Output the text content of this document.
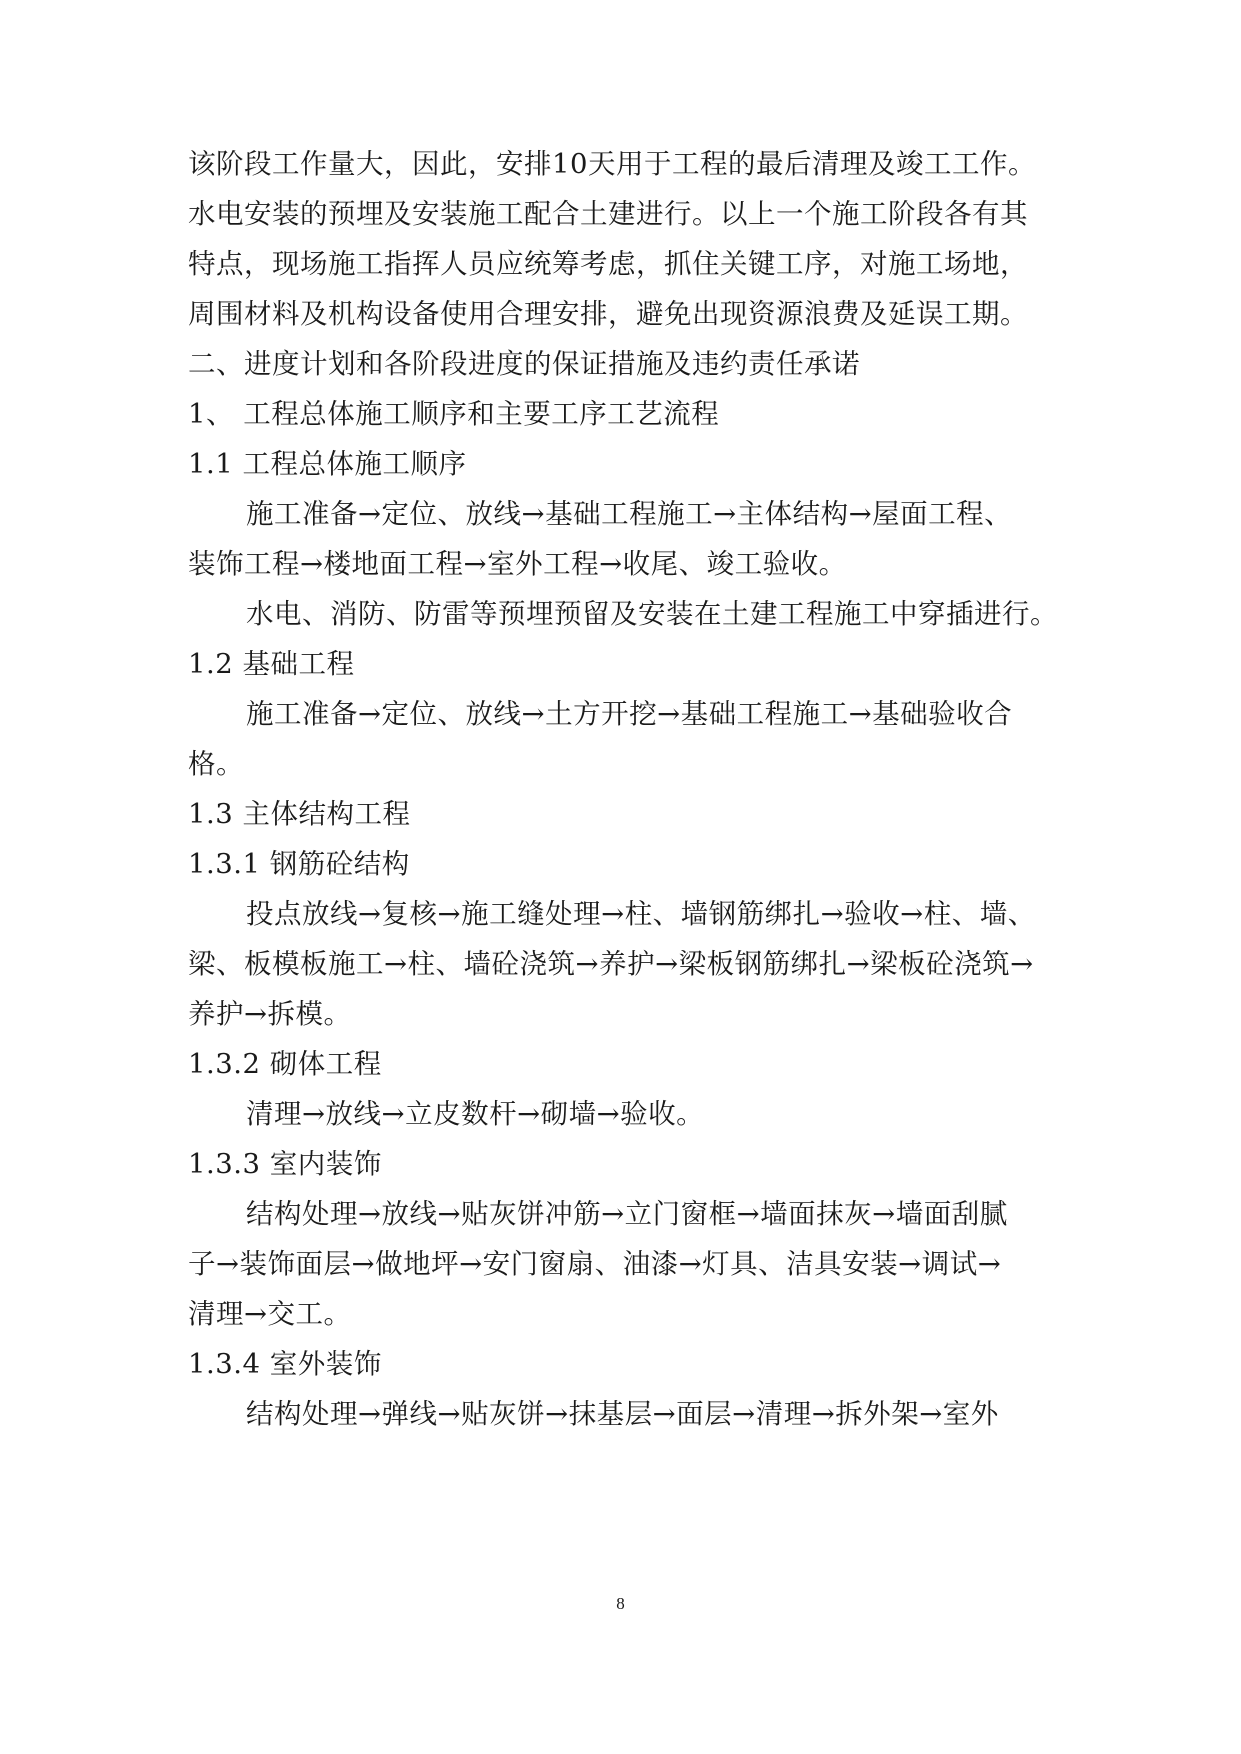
该阶段工作量大，因此，安排10天用于工程的最后清理及竣工工作。
水电安装的预埋及安装施工配合土建进行。以上一个施工阶段各有其
特点，现场施工指挥人员应统筹考虑，抓住关键工序，对施工场地，
周围材料及机构设备使用合理安排，避免出现资源浪费及延误工期。
二、进度计划和各阶段进度的保证措施及违约责任承诺
1、 工程总体施工顺序和主要工序工艺流程
1.1 工程总体施工顺序
施工准备→定位、放线→基础工程施工→主体结构→屋面工程、
装饰工程→楼地面工程→室外工程→收尾、竣工验收。
水电、消防、防雷等预埋预留及安装在土建工程施工中穿插进行。
1.2 基础工程
施工准备→定位、放线→土方开挖→基础工程施工→基础验收合
格。
1.3 主体结构工程
1.3.1 钢筋砼结构
投点放线→复核→施工缝处理→柱、墙钢筋绑扎→验收→柱、墙、
梁、板模板施工→柱、墙砼浇筑→养护→梁板钢筋绑扎→梁板砼浇筑→
养护→拆模。
1.3.2 砌体工程
清理→放线→立皮数杆→砌墙→验收。
1.3.3 室内装饰
结构处理→放线→贴灰饼冲筋→立门窗框→墙面抹灰→墙面刮腻
子→装饰面层→做地坪→安门窗扇、油漆→灯具、洁具安装→调试→
清理→交工。
1.3.4 室外装饰
结构处理→弹线→贴灰饼→抹基层→面层→清理→拆外架→室外
8
